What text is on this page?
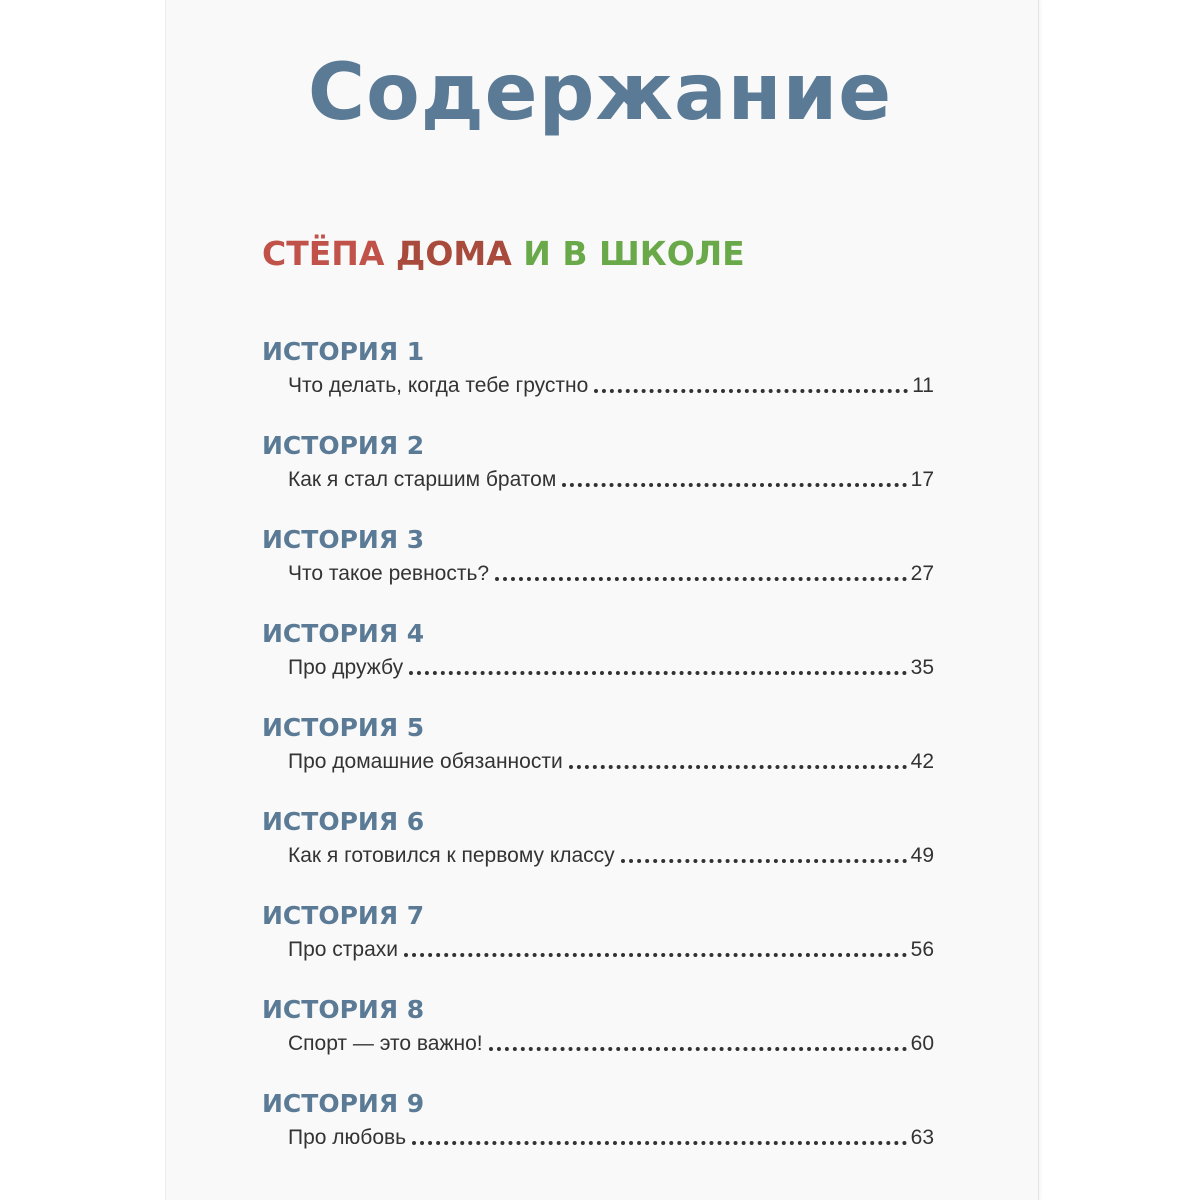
Содержание
СТЁПА ДОМА И В ШКОЛЕ
ИСТОРИЯ 1
Что делать, когда тебе грустно	11
ИСТОРИЯ 2
Как я стал старшим братом	17
ИСТОРИЯ 3
Что такое ревность?	27
ИСТОРИЯ 4
Про дружбу	35
ИСТОРИЯ 5
Про домашние обязанности	42
ИСТОРИЯ 6
Как я готовился к первому классу	49
ИСТОРИЯ 7
Про страхи	56
ИСТОРИЯ 8
Спорт — это важно!	60
ИСТОРИЯ 9
Про любовь	63
